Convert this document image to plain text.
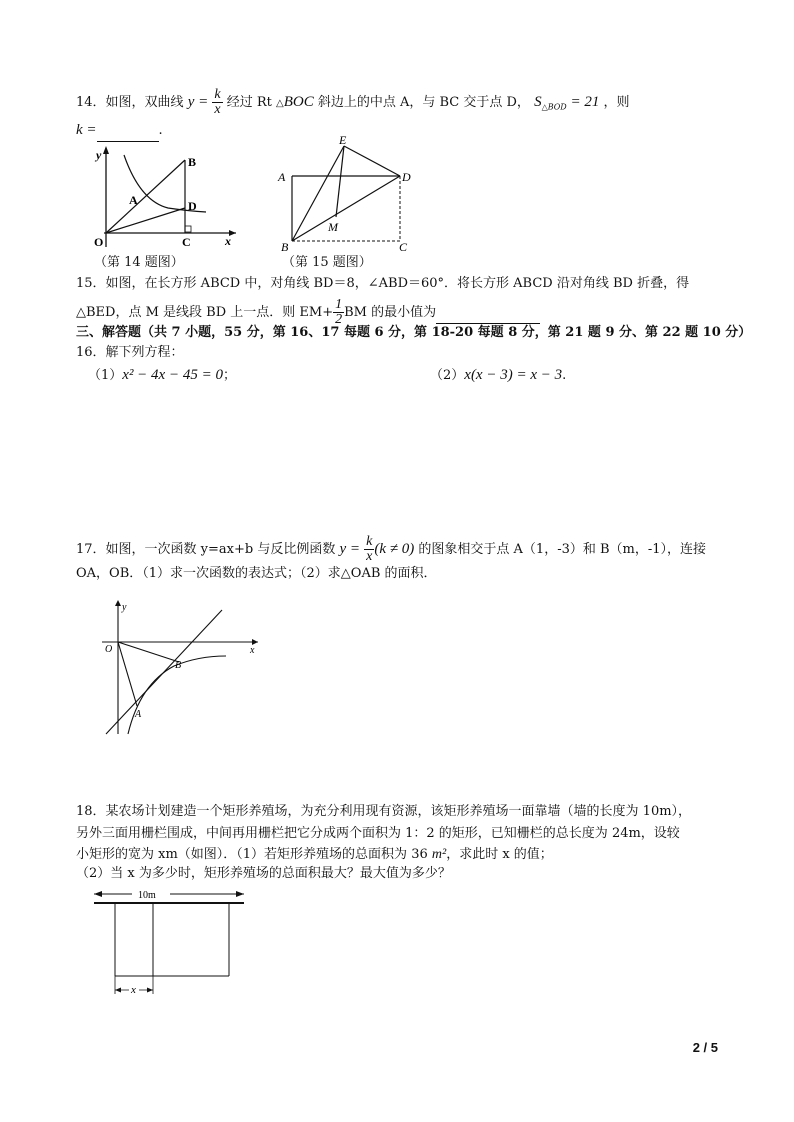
14．如图，双曲线 $y = \frac{k}{x}$ 经过 Rt △BOC 斜边上的中点 A，与 BC 交于点 D， $S_{\triangle BOD} = 21$ ，则
k =	.
y
x
O
A
B
C
D
（第 14 题图）
E
A	D
M
B	C
（第 15 题图）
15．如图，在长方形 ABCD 中，对角线 BD＝8，∠ABD＝60°．将长方形 ABCD 沿对角线 BD 折叠，得
△BED，点 M 是线段 BD 上一点．则 $EM+ \frac{1}{2}$ BM 的最小值为
三、解答题（共 7 小题，55 分，第 16、17 每题 6 分，第 18-20 每题 8 分，第 21 题 9 分、第 22 题 10 分）
16．解下列方程：
（1）x² − 4x − 45 = 0；	（2）x(x − 3) = x − 3.
17．如图，一次函数 y=ax+b 与反比例函数 $y = \frac{k}{x} (k \ne 0)$ 的图象相交于点 A（1，-3）和 B（m，-1），连接
OA，OB．（1）求一次函数的表达式；（2）求△OAB 的面积．
y
x
O
B
A
18．某农场计划建造一个矩形养殖场，为充分利用现有资源，该矩形养殖场一面靠墙（墙的长度为 10m），
另外三面用栅栏围成，中间再用栅栏把它分成两个面积为 1：2 的矩形，已知栅栏的总长度为 24m，设较
小矩形的宽为 xm（如图）．（1）若矩形养殖场的总面积为 36 m²，求此时 x 的值；
（2）当 x 为多少时，矩形养殖场的总面积最大？最大值为多少？
10m
x
2 / 5
